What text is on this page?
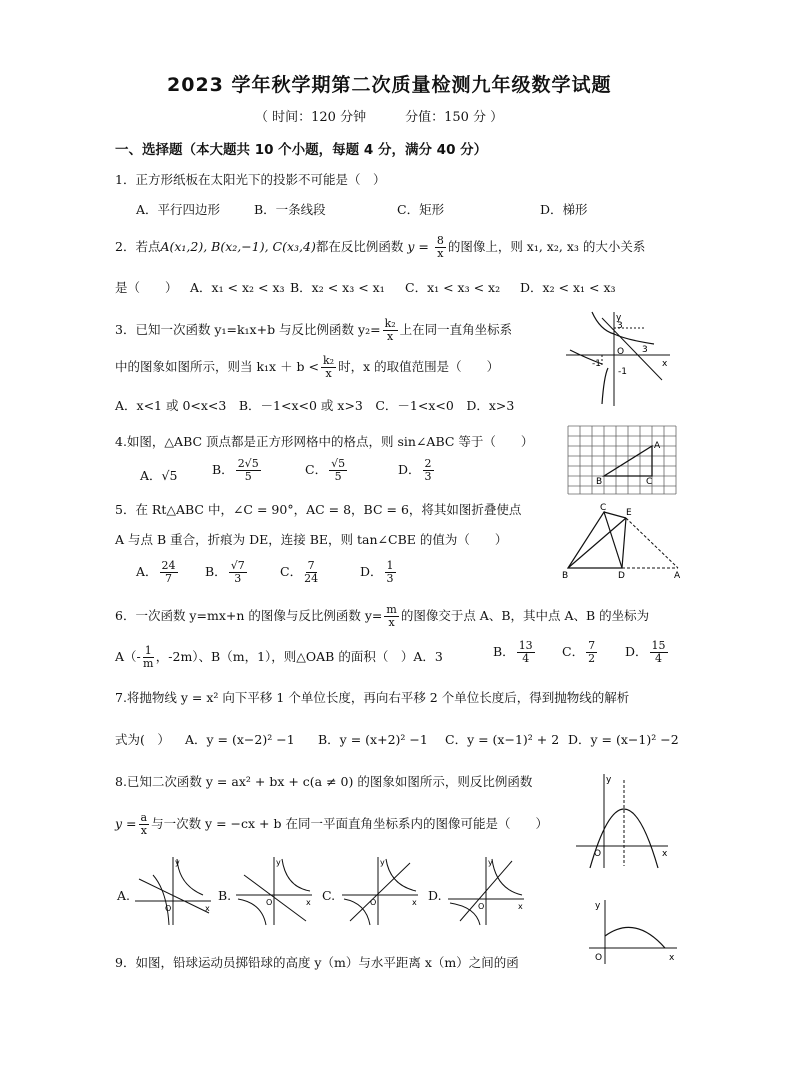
2023 学年秋学期第二次质量检测九年级数学试题
（ 时间：120 分钟　　　分值：150 分 ）
一、选择题（本大题共 10 个小题，每题 4 分，满分 40 分）
1．正方形纸板在太阳光下的投影不可能是（　）
A．平行四边形	B．一条线段	C．矩形	D．梯形
2．若点A(x₁,2), B(x₂,−1), C(x₃,4)都在反比例函数 $y = \frac{8}{x}$ 的图像上，则 x₁, x₂, x₃ 的大小关系
是（　　） A．x₁ < x₂ < x₃ B．x₂ < x₃ < x₁ C．x₁ < x₃ < x₂ D．x₂ < x₁ < x₃
3．已知一次函数 y₁=k₁x+b 与反比例函数 $y_2= \frac{\text{k₂}}{x}$ 上在同一直角坐标系
中的图象如图所示，则当 $k_1x + b < \frac{\text{k₂}}{x}$ 时，x 的取值范围是（　　）
A．x<1 或 0<x<3　B．－1<x<0 或 x>3　C．－1<x<0　D．x>3
y
x
O
3
-1
-1
3
4.如图，△ABC 顶点都是正方形网格中的格点，则 sin∠ABC 等于（　　）
A．√5	B． $\frac{2√5}{5}$	C． $\frac{√5}{5}$	D． $\frac{2}{3}$
A
B	C
5．在 Rt△ABC 中，∠C = 90°，AC = 8，BC = 6，将其如图折叠使点
A 与点 B 重合，折痕为 DE，连接 BE，则 tan∠CBE 的值为（　　）
A． $\frac{24}{7}$ B． $\frac{√7}{3}$	C． $\frac{7}{24}$	D． $\frac{1}{3}$
C E
B	D	A
6．一次函数 y=mx+n 的图像与反比例函数 $y= \frac{m}{x}$ 的图像交于点 A、B，其中点 A、B 的坐标为
$A(- \frac{1}{m}$ ，-2m）、B（m，1），则△OAB 的面积（　）A．3	B． $\frac{13}{4}$ C． $\frac{7}{2}$ D． $\frac{15}{4}$
7.将抛物线 y = x² 向下平移 1 个单位长度，再向右平移 2 个单位长度后，得到抛物线的解析
式为(　） A．y = (x−2)² −1 B．y = (x+2)² −1 C．y = (x−1)² + 2 D．y = (x−1)² −2
8.已知二次函数 y = ax² + bx + c(a ≠ 0) 的图象如图所示，则反比例函数
$y = \frac{a}{x}$ 与一次数 y = −cx + b 在同一平面直角坐标系内的图像可能是（　　）
y
x
O
A.	B.	C.	D.
y
x
O
y
x
O
y
x
O
y
x
O
9．如图，铅球运动员掷铅球的高度 y（m）与水平距离 x（m）之间的函
y
x
O
